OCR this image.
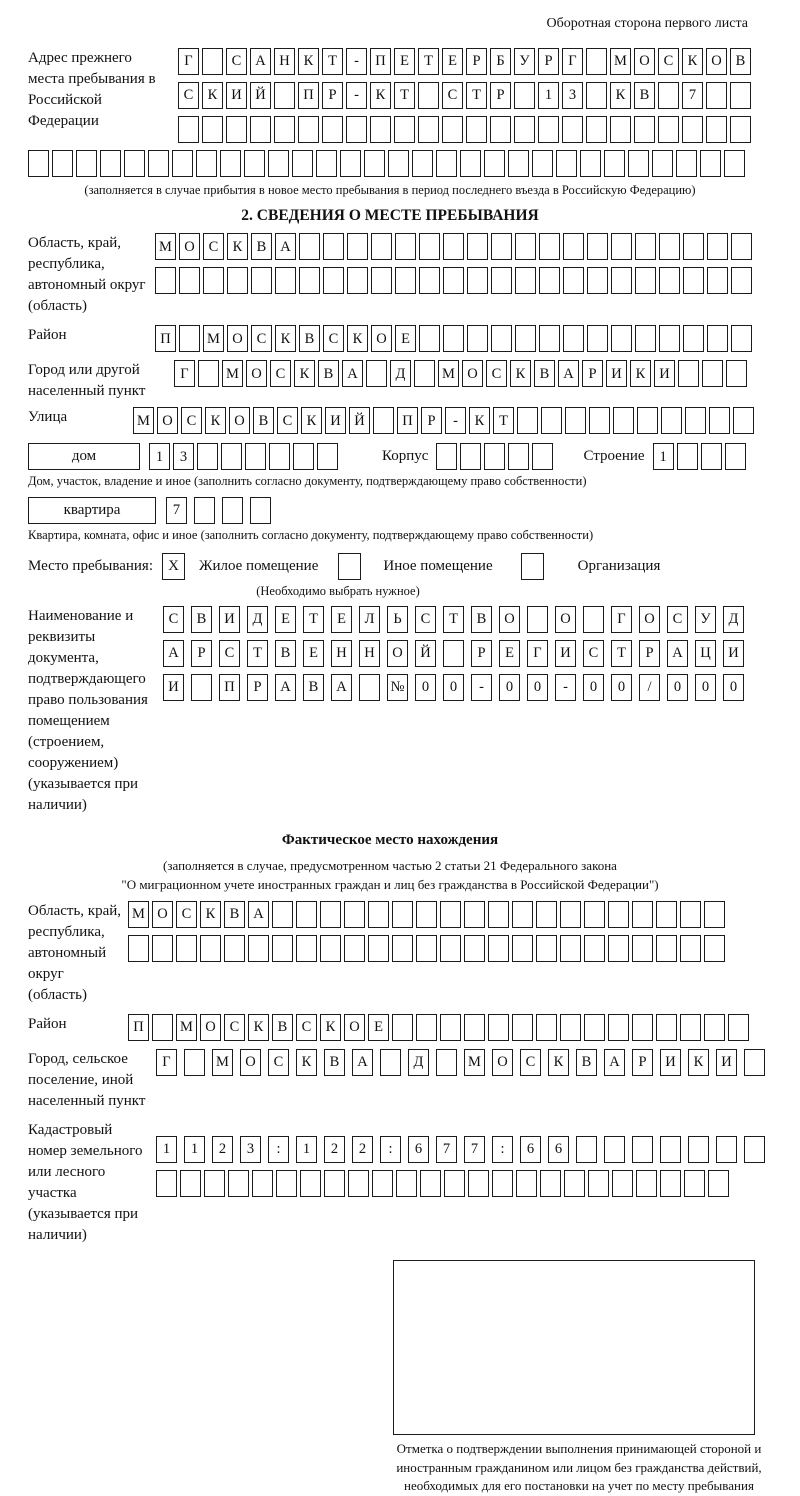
Оборотная сторона первого листа
Адрес прежнего места пребывания в Российской Федерации
Г	С А Н К	Т	-	П Е	Т	Е	Р	Б	У	Р	Г	М О С К О В
С К И Й	П	Р	-	К	Т	С	Т	Р	1	3	К В	7
(заполняется в случае прибытия в новое место пребывания в период последнего въезда в Российскую Федерацию)
2. СВЕДЕНИЯ О МЕСТЕ ПРЕБЫВАНИЯ
Область, край, республика, автономный округ (область)
М О С К В А
Район	П	М О С К В С К О Е
Город или другой населенный пункт
Г	М О С К В А	Д	М О С К В А	Р	И К И
Улица	М О С К О В С К И Й	П	Р	-	К	Т
дом	1	3	Корпус	Строение	1
Дом, участок, владение и иное (заполнить согласно документу, подтверждающему право собственности)
квартира	7
Квартира, комната, офис и иное (заполнить согласно документу, подтверждающему право собственности)
Место пребывания:	X	Жилое помещение	Иное помещение	Организация
(Необходимо выбрать нужное)
Наименование и реквизиты документа, подтверждающего право пользования помещением (строением, сооружением) (указывается при наличии)
С	В	И	Д	Е	Т	Е	Л	Ь	С	Т	В	О	О	Г	О	С	У	Д
А	Р	С	Т	В	Е	Н	Н	О	Й	Р	Е	Г	И	С	Т	Р	А	Ц	И
И	П	Р	А	В	А	№	0	0	-	0	0	-	0	0	/	0	0	0
Фактическое место нахождения
(заполняется в случае, предусмотренном частью 2 статьи 21 Федерального закона
"О миграционном учете иностранных граждан и лиц без гражданства в Российской Федерации")
Область, край, республика, автономный округ (область)
М О С К В А
Район	П	М О С К В С К О Е
Город, сельское поселение, иной населенный пункт
Г	М	О	С	К	В	А	Д	М	О	С	К	В	А	Р	И	К	И
Кадастровый номер земельного или лесного участка (указывается при наличии)
1	1	2	3	:	1	2	2	:	6	7	7	:	6	6
Отметка о подтверждении выполнения принимающей стороной и иностранным гражданином или лицом без гражданства действий, необходимых для его постановки на учет по месту пребывания
